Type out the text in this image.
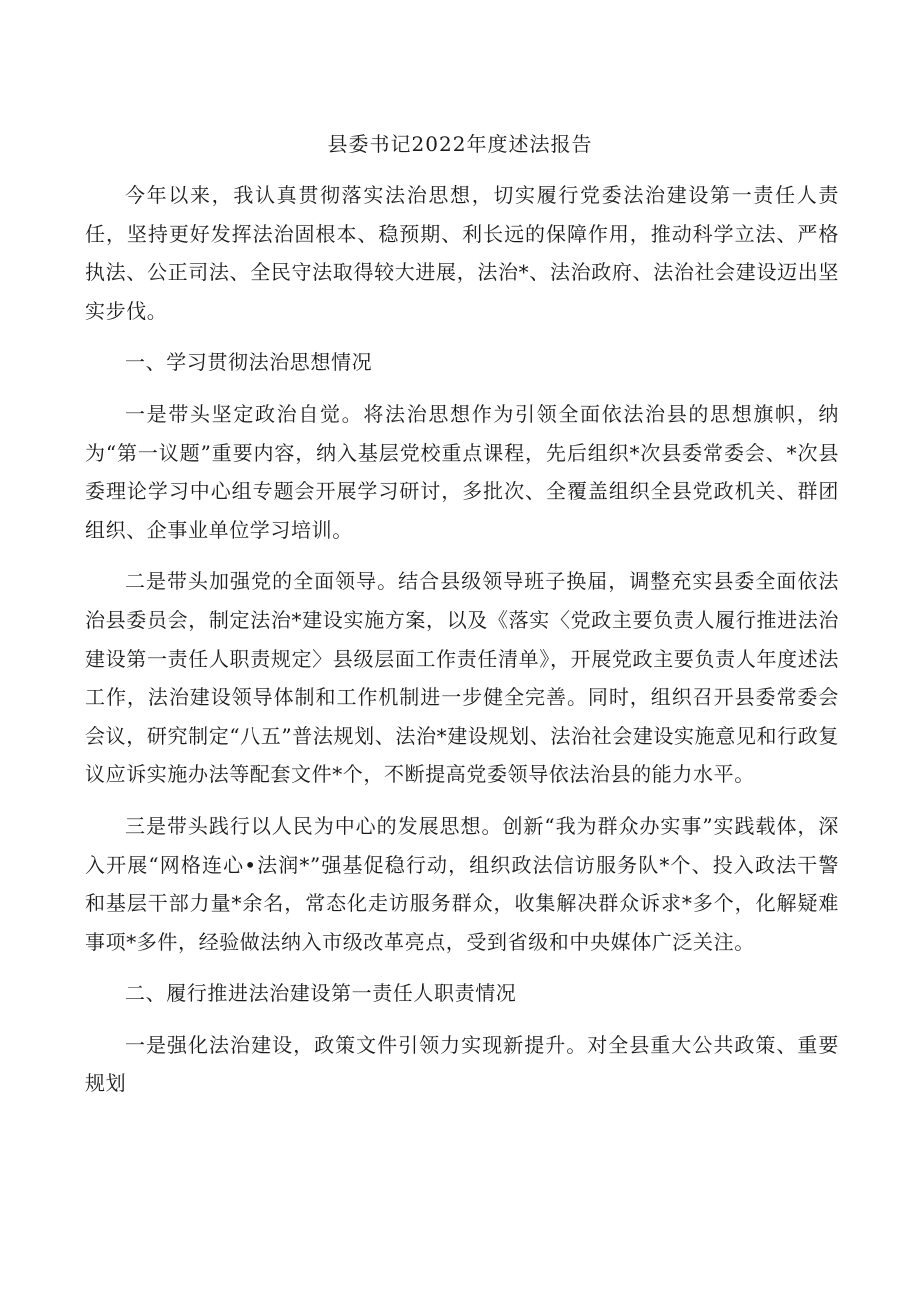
县委书记2022年度述法报告

今年以来，我认真贯彻落实法治思想，切实履行党委法治建设第一责任人责任，坚持更好发挥法治固根本、稳预期、利长远的保障作用，推动科学立法、严格执法、公正司法、全民守法取得较大进展，法治*、法治政府、法治社会建设迈出坚实步伐。

一、学习贯彻法治思想情况

一是带头坚定政治自觉。将法治思想作为引领全面依法治县的思想旗帜，纳为“第一议题”重要内容，纳入基层党校重点课程，先后组织*次县委常委会、*次县委理论学习中心组专题会开展学习研讨，多批次、全覆盖组织全县党政机关、群团组织、企事业单位学习培训。

二是带头加强党的全面领导。结合县级领导班子换届，调整充实县委全面依法治县委员会，制定法治*建设实施方案，以及《落实〈党政主要负责人履行推进法治建设第一责任人职责规定〉县级层面工作责任清单》，开展党政主要负责人年度述法工作，法治建设领导体制和工作机制进一步健全完善。同时，组织召开县委常委会会议，研究制定“八五”普法规划、法治*建设规划、法治社会建设实施意见和行政复议应诉实施办法等配套文件*个，不断提高党委领导依法治县的能力水平。

三是带头践行以人民为中心的发展思想。创新“我为群众办实事”实践载体，深入开展“网格连心•法润*”强基促稳行动，组织政法信访服务队*个、投入政法干警和基层干部力量*余名，常态化走访服务群众，收集解决群众诉求*多个，化解疑难事项*多件，经验做法纳入市级改革亮点，受到省级和中央媒体广泛关注。

二、履行推进法治建设第一责任人职责情况

一是强化法治建设，政策文件引领力实现新提升。对全县重大公共政策、重要规划
